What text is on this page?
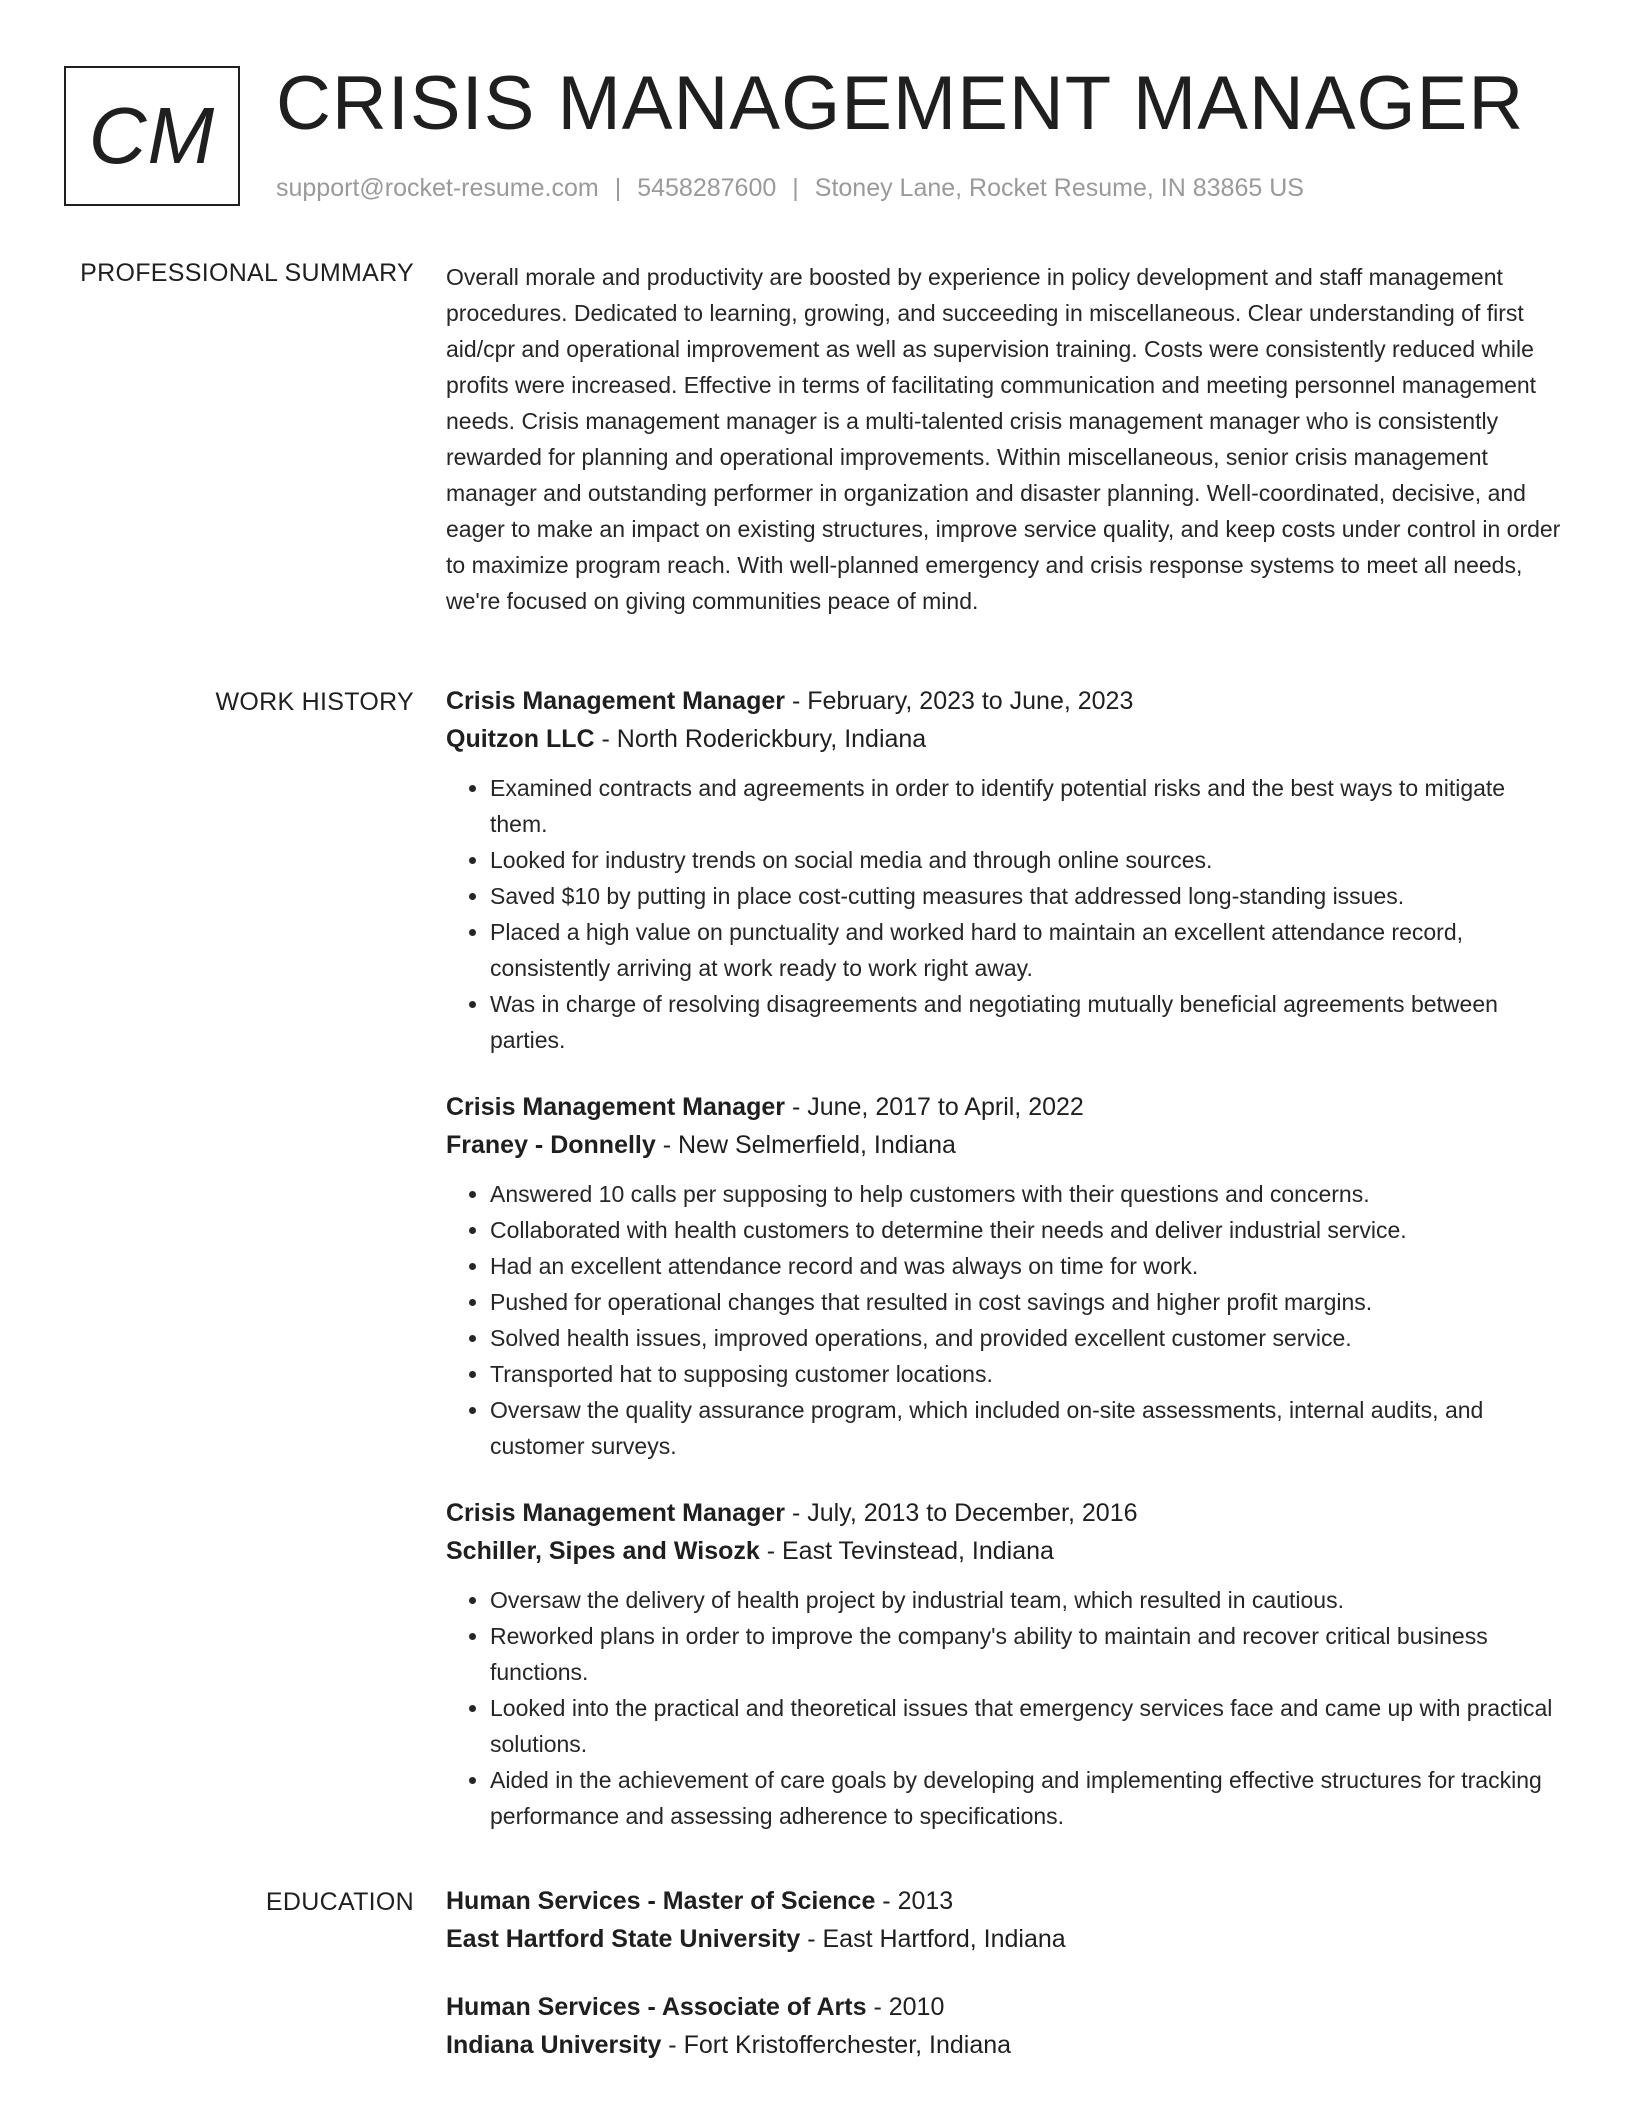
CM CRISIS MANAGEMENT MANAGER
support@rocket-resume.com | 5458287600 | Stoney Lane, Rocket Resume, IN 83865 US
PROFESSIONAL SUMMARY Overall morale and productivity are boosted by experience in policy development and staff management procedures. Dedicated to learning, growing, and succeeding in miscellaneous. Clear understanding of first aid/cpr and operational improvement as well as supervision training. Costs were consistently reduced while profits were increased. Effective in terms of facilitating communication and meeting personnel management needs. Crisis management manager is a multi-talented crisis management manager who is consistently rewarded for planning and operational improvements. Within miscellaneous, senior crisis management manager and outstanding performer in organization and disaster planning. Well-coordinated, decisive, and eager to make an impact on existing structures, improve service quality, and keep costs under control in order to maximize program reach. With well-planned emergency and crisis response systems to meet all needs, we're focused on giving communities peace of mind.

WORK HISTORY Crisis Management Manager - February, 2023 to June, 2023
Quitzon LLC - North Roderickbury, Indiana
• Examined contracts and agreements in order to identify potential risks and the best ways to mitigate them.
• Looked for industry trends on social media and through online sources.
• Saved $10 by putting in place cost-cutting measures that addressed long-standing issues.
• Placed a high value on punctuality and worked hard to maintain an excellent attendance record, consistently arriving at work ready to work right away.
• Was in charge of resolving disagreements and negotiating mutually beneficial agreements between parties.
Crisis Management Manager - June, 2017 to April, 2022
Franey - Donnelly - New Selmerfield, Indiana
• Answered 10 calls per supposing to help customers with their questions and concerns.
• Collaborated with health customers to determine their needs and deliver industrial service.
• Had an excellent attendance record and was always on time for work.
• Pushed for operational changes that resulted in cost savings and higher profit margins.
• Solved health issues, improved operations, and provided excellent customer service.
• Transported hat to supposing customer locations.
• Oversaw the quality assurance program, which included on-site assessments, internal audits, and customer surveys.
Crisis Management Manager - July, 2013 to December, 2016
Schiller, Sipes and Wisozk - East Tevinstead, Indiana
• Oversaw the delivery of health project by industrial team, which resulted in cautious.
• Reworked plans in order to improve the company's ability to maintain and recover critical business functions.
• Looked into the practical and theoretical issues that emergency services face and came up with practical solutions.
• Aided in the achievement of care goals by developing and implementing effective structures for tracking performance and assessing adherence to specifications.
EDUCATION Human Services - Master of Science - 2013
East Hartford State University - East Hartford, Indiana
Human Services - Associate of Arts - 2010
Indiana University - Fort Kristofferchester, Indiana
